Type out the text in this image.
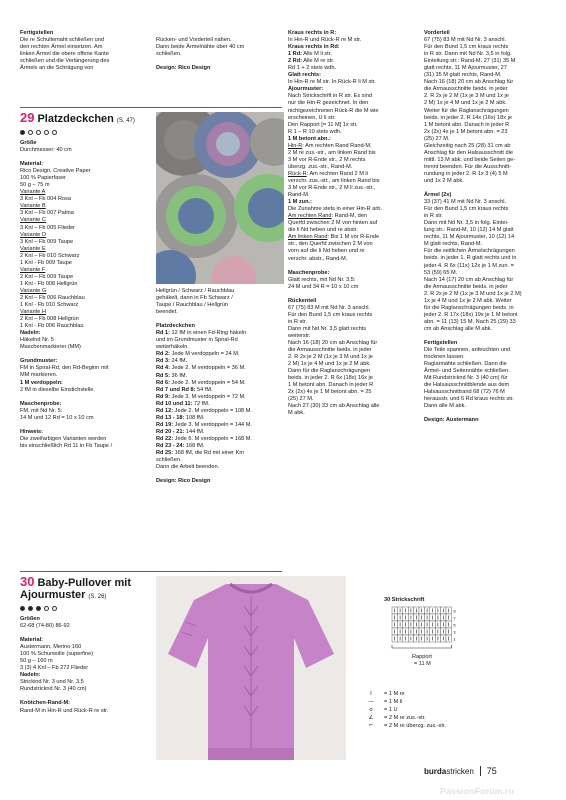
Fertigstellen

Die re Schultemaht schließen und

den rechten Ärmel einsetzen. Am

linken Ärmel die obere offene Kante

schließen und die Verlängerung des

Ärmels an die Schrägung von

Rücken- und Vorderteil nähen.

Dann beide Ärmelnähte über 40 cm

schließen.

Design: Rico Design

29 Platzdeckchen (S. 47)

Größe

Durchmesser: 40 cm

Material:

Rico Design, Creative Paper

100 % Papierfaser

50 g – 75 m

Variante A

3 Knl – Fb 004 Rosa

Variante B

3 Knl – Fb 007 Patina

Variante C

3 Knl – Fb 005 Flieder

Variante D

3 Knl – Fb 009 Taupe

Variante E

2 Knl – Fb 010 Schwarz

1 Knl - Fb 009 Taupe

Variante F

2 Knl – Fb 009 Taupe

1 Knl - Fb 008 Hellgrün

Variante G

2 Knl – Fb 006 Rauchblau

1 Knl - Fb 010 Schwarz

Variante H

2 Knl – Fb 008 Hellgrün

1 Knl - Fb 006 Rauchblau

Nadeln:

Häkelnd Nr. 5

Maschenmarkierer (MM)

Grundmuster:

FM in Spiral-Rd, den Rd-Beginn mit

MM markieren.

1 M verdoppeln:

2 fM in dieselbe Einstichstelle.

Maschenprobe:

FM, mit Nd Nr. 5:

14 M und 12 Rd = 10 x 10 cm

Hinweis:

Die zweifarbigen Varianten werden

bis einschließlich Rd 11 in Fb Taupe /

Hellgrün / Schwarz / Rauchblau

gehäkelt, dann in Fb Schwarz /

Taupe / Rauchblau / Hellgrün

beendet.

Platzdeckchen

Rd 1: 12 fM in einen Fd-Ring häkeln

und im Grundmuster in Spiral-Rd

weiterhäkeln.

Rd 2: Jede M verdoppeln = 24 M.

Rd 3: 24 fM.

Rd 4: Jede 2. M verdoppeln = 36 M.

Rd 5: 36 fM.

Rd 6: Jede 2. M verdoppeln = 54 M.

Rd 7 und Rd 8: 54 fM.

Rd 9: Jede 3. M verdoppeln = 72 M.

Rd 10 und 11: 72 fM.

Rd 12: Jede 2. M verdoppeln = 108 M.

Rd 13 - 18: 108 fM.

Rd 19: Jede 3. M verdoppeln = 144 M.

Rd 20 - 21: 144 fM.

Rd 22: Jede 6. M verdoppeln = 168 M.

Rd 23 - 24: 168 fM.

Rd 25: 168 fM, die Rd mit einer Km

schließen.

Dann die Arbeit beenden.

Design: Rico Design

Kraus rechts in R:

In Hin-R und Rück-R re M str.

Kraus rechts in Rd:

1 Rd: Alle M li str.

2 Rd: Alle M re str.

Rd 1 + 2 stets wdh.

Glatt rechts:

In Hin-R re M str. In Rück-R li M str.

Ajourmuster:

Nach Strickschrift in R str. Es sind

nur die Hin-R gezeichnet. In den

nichtgezeichneten Rück-R die M wie

erscheinen, U li str.

Den Rapport [= 11 M] 1x str.

R 1 – R 10 stets wdh.

1 M betont abn.:

Hin-R: Am rechten Rand Rand-M,

2 M re zus.-str., am linken Rand bis

3 M vor R-Ende str., 2 M rechts

überzg. zus.-str., Rand-M.

Rück-R: Am rechten Rand 2 M li

verschr. zus.-str., am linken Rand bis

3 M vor R-Ende str., 2 M li zus.-str.,

Rand-M.

1 M zun.:

Die Zunahme stets in einer Hin-R arb.

Am rechten Rand: Rand-M, den

Querfd zwischen 2 M von hinten auf

die li Nd heben und re abstr.

Am linken Rand: Bis 1 M vor R-Ende

str., den Querfd zwischen 2 M von

vorn auf die li Nd heben und re

verschr. abstr., Rand-M.

Maschenprobe:

Glatt rechts, mit Nd Nr. 3,5:

24 M und 34 R = 10 x 10 cm

Rückenteil

67 (75) 83 M mit Nd Nr. 3 anschl.

Für den Bund 1,5 cm kraus rechts

in R str.

Dann mit Nd Nr. 3,5 glatt rechts

weiterstr.

Nach 16 (18) 20 cm ab Anschlag für

die Armausschnitte beids. in jeder

2. R 2x je 2 M (1x je 3 M und 1x je

2 M) 1x je 4 M und 1x je 2 M abk.

Dann für die Raglanschrägungen

beids. in jeder 2. R 6x (18x) 16x je

1 M betont abn. Danach in jeder R

2x (2x) 4x je 1 M betont abn. = 25

(25) 27 M.

Nach 27 (30) 33 cm ab Anschlag alle

M abk.

Vorderteil

67 (75) 83 M mit Nd Nr. 3 anschl.

Für den Bund 1,5 cm kraus rechts

in R str. Dann mit Nd Nr. 3,5 in folg.

Einteilung str.: Rand-M, 27 (31) 35 M

glatt rechts, 11 M Ajourmuster, 27

(31) 35 M glatt rechts, Rand-M.

Nach 16 (18) 20 cm ab Anschlag für

die Armausschnitte beids. in jeder

2. R 2x je 2 M (1x je 3 M und 1x je

2 M) 1x je 4 M und 1x je 2 M abk.

Weiter für die Raglanschrägungen

beids. in jeder 2. R 14x (16x) 18x je

1 M betont abn. Danach in jeder R

2x (2x) 4x je 1 M betont abn. = 23

(25) 27 M.

Gleichzeitig nach 25 (28) 31 cm ab

Anschlag für den Halsausschnitt die

mittl. 13 M abk. und beide Seiten ge-

trennt beenden. Für die Ausschnitt-

rundung in jeder 2. R 1x 3 (4) 5 M

und 1x 2 M abk.

Ärmel (2x)

33 (37) 41 M mit Nd Nr. 3 anschl.

Für den Bund 1,5 cm kraus rechts

in R str.

Dann mit Nd Nr. 3,5 in folg. Eintei-

lung str.: Rand-M, 10 (12) 14 M glatt

rechts, 11 M Ajourmuster, 10 (12) 14

M glatt rechts, Rand-M.

Für die seitlichen Ärmelschrägungen

beids. in jeder 1. R glatt rechts und in

jeder 4. R 6x (11x) 12x je 1 M zun. =

53 (59) 65 M.

Nach 14 (17) 20 cm ab Anschlag für

die Armausschnitte beids. in jeder

2. R 2x je 2 M (1x je 3 M und 1x je 2 M)

1x je 4 M und 1x je 2 M abk. Weiter

für die Raglanschrägungen beids. in

jeder 2. R 17x (18x) 19x je 1 M betont

abn. = 11 (13) 15 M. Nach 25 (29) 33

cm ab Anschlag alle M abk.

Fertigstellen

Die Teile spannen, anfeuchten und

trocknen lassen.

Raglannähte schließen. Dann die

Ärmel- und Seitennähte schließen.

Mit Rundstricknd Nr. 3 (40 cm) für

die Halsausschnittblende aus dem

Halsausschnittrand 68 (72) 76 M

herausstr. und 6 Rd kraus rechts str.

Dann alle M abk.

Design: Austermann

30 Baby-Pullover mit
Ajourmuster (S. 26)

Größen

62-68 (74-80) 86-92

Material:

Austermann, Merino 160

100 % Schurwolle (superfine)

50 g – 160 m

3 (3) 4 Knl – Fb 272 Flieder

Nadeln:

Strickind Nr. 3 und Nr. 3,5

Rundstricknd Nr. 3 (40 cm)

Knötchen-Rand-M:

Rand-M in Hin-R und Rück-R re str.

30 Strickschrift
9
7
5
3
1
Rapport
= 11 M
I	= 1 M re
—	= 1 M li
o	= 1 U
∠	= 2 M re zus.-str.
⌐	= 2 M re überzg. zus.-str.
burdastricken 75
PassionForum.ru
